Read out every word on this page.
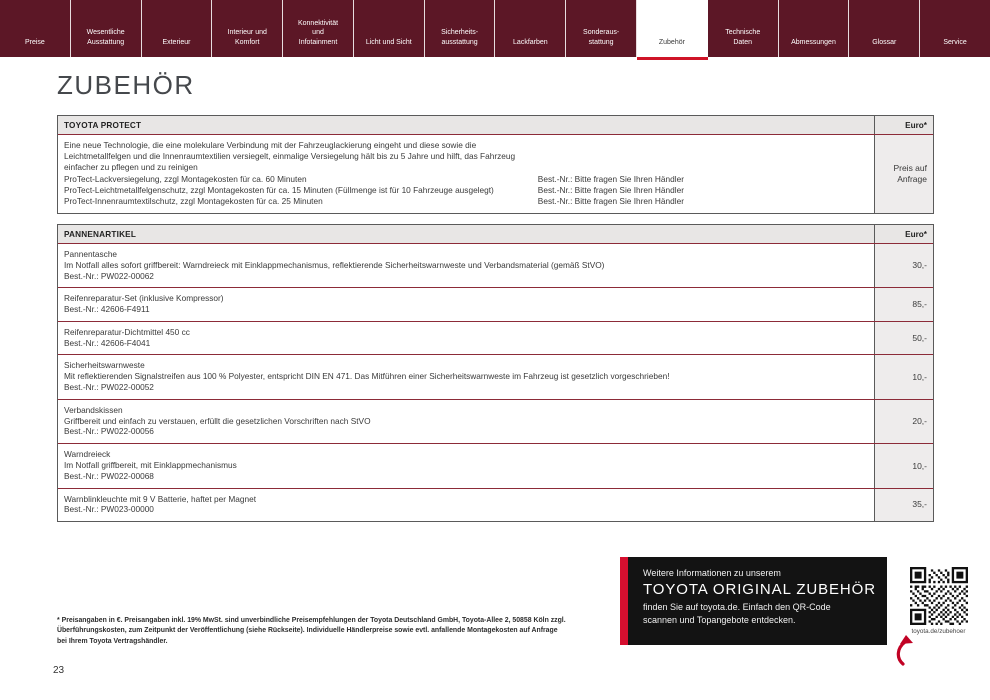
Preise
Wesentliche
Ausstattung	Exterieur
Interieur und
Komfort
Konnektivität
und
Infotainment	Licht und Sicht
Sicherheits-
ausstattung	Lackfarben
Sonderaus-
stattung	Zubehör
Technische
Daten	Abmessungen	Glossar	Service
ZUBEHÖR
TOYOTA PROTECT	Euro*

Eine neue Technologie, die eine molekulare Verbindung mit der Fahrzeuglackierung eingeht und diese sowie die Leichtmetallfelgen und die Innenraumtextilien versiegelt, einmalige Versiegelung hält bis zu 5 Jahre und hilft, das Fahrzeug einfacher zu pflegen und zu reinigen

ProTect-Lackversiegelung, zzgl Montagekosten für ca. 60 Minuten	Best.-Nr.: Bitte fragen Sie Ihren Händler
ProTect-Leichtmetallfelgenschutz, zzgl Montagekosten für ca. 15 Minuten (Füllmenge ist für 10 Fahrzeuge ausgelegt)	Best.-Nr.: Bitte fragen Sie Ihren Händler
ProTect-Innenraumtextilschutz, zzgl Montagekosten für ca. 25 Minuten	Best.-Nr.: Bitte fragen Sie Ihren Händler
Preis auf Anfrage
PANNENARTIKEL	Euro*
Pannentasche
Im Notfall alles sofort griffbereit: Warndreieck mit Einklappmechanismus, reflektierende Sicherheitswarnweste und Verbandsmaterial (gemäß StVO)
Best.-Nr.: PW022-00062
30,-
Reifenreparatur-Set (inklusive Kompressor)
Best.-Nr.: 42606-F4911	85,-
Reifenreparatur-Dichtmittel 450 cc
Best.-Nr.: 42606-F4041	50,-
Sicherheitswarnweste
Mit reflektierenden Signalstreifen aus 100 % Polyester, entspricht DIN EN 471. Das Mitführen einer Sicherheitswarnweste im Fahrzeug ist gesetzlich vorgeschrieben!
Best.-Nr.: PW022-00052
10,-
Verbandskissen
Griffbereit und einfach zu verstauen, erfüllt die gesetzlichen Vorschriften nach StVO
Best.-Nr.: PW022-00056
20,-
Warndreieck
Im Notfall griffbereit, mit Einklappmechanismus
Best.-Nr.: PW022-00068
10,-
Warnblinkleuchte mit 9 V Batterie, haftet per Magnet
Best.-Nr.: PW023-00000	35,-

* Preisangaben in €. Preisangaben inkl. 19% MwSt. sind unverbindliche Preisempfehlungen der Toyota Deutschland GmbH, Toyota-Allee 2, 50858 Köln zzgl.
Überführungskosten, zum Zeitpunkt der Veröffentlichung (siehe Rückseite). Individuelle Händlerpreise sowie evtl. anfallende Montagekosten auf Anfrage
bei Ihrem Toyota Vertragshändler.

23
Weitere Informationen zu unserem
TOYOTA ORIGINAL ZUBEHÖR
finden Sie auf toyota.de. Einfach den QR-Code scannen und Topangebote entdecken.
toyota.de/zubehoer
